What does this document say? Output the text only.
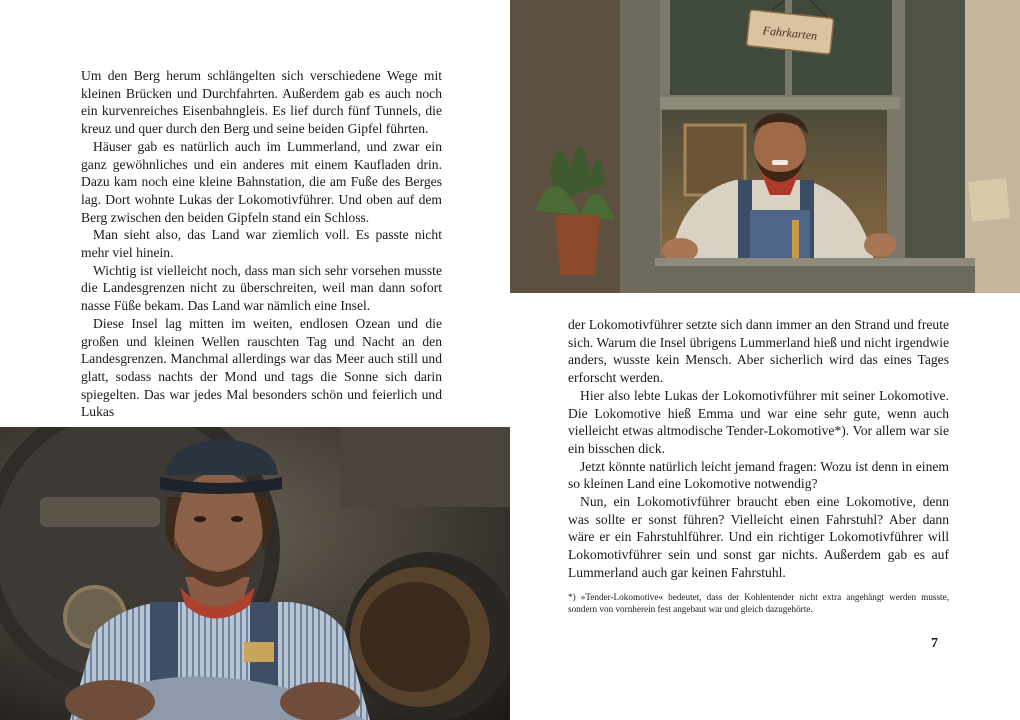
Um den Berg herum schlängelten sich verschiedene Wege mit kleinen Brücken und Durchfahrten. Außerdem gab es auch noch ein kurvenreiches Eisenbahngleis. Es lief durch fünf Tunnels, die kreuz und quer durch den Berg und seine beiden Gipfel führten.

Häuser gab es natürlich auch im Lummerland, und zwar ein ganz gewöhnliches und ein anderes mit einem Kaufladen drin. Dazu kam noch eine kleine Bahnstation, die am Fuße des Berges lag. Dort wohnte Lukas der Lokomotivführer. Und oben auf dem Berg zwischen den beiden Gipfeln stand ein Schloss.

Man sieht also, das Land war ziemlich voll. Es passte nicht mehr viel hinein.

Wichtig ist vielleicht noch, dass man sich sehr vorsehen musste die Landesgrenzen nicht zu überschreiten, weil man dann sofort nasse Füße bekam. Das Land war nämlich eine Insel.

Diese Insel lag mitten im weiten, endlosen Ozean und die großen und kleinen Wellen rauschten Tag und Nacht an den Landesgrenzen. Manchmal allerdings war das Meer auch still und glatt, sodass nachts der Mond und tags die Sonne sich darin spiegelten. Das war jedes Mal besonders schön und feierlich und Lukas

Fahrkarten

der Lokomotivführer setzte sich dann immer an den Strand und freute sich. Warum die Insel übrigens Lummerland hieß und nicht irgendwie anders, wusste kein Mensch. Aber sicherlich wird das eines Tages erforscht werden.

Hier also lebte Lukas der Lokomotivführer mit seiner Lokomotive. Die Lokomotive hieß Emma und war eine sehr gute, wenn auch vielleicht etwas altmodische Tender-Lokomotive*). Vor allem war sie ein bisschen dick.

Jetzt könnte natürlich leicht jemand fragen: Wozu ist denn in einem so kleinen Land eine Lokomotive notwendig?

Nun, ein Lokomotivführer braucht eben eine Lokomotive, denn was sollte er sonst führen? Vielleicht einen Fahrstuhl? Aber dann wäre er ein Fahrstuhlführer. Und ein richtiger Lokomotivführer will Lokomotivführer sein und sonst gar nichts. Außerdem gab es auf Lummerland auch gar keinen Fahrstuhl.

*) »Tender-Lokomotive« bedeutet, dass der Kohlentender nicht extra angehängt werden musste, sondern von vornherein fest angebaut war und gleich dazugehörte.
7
